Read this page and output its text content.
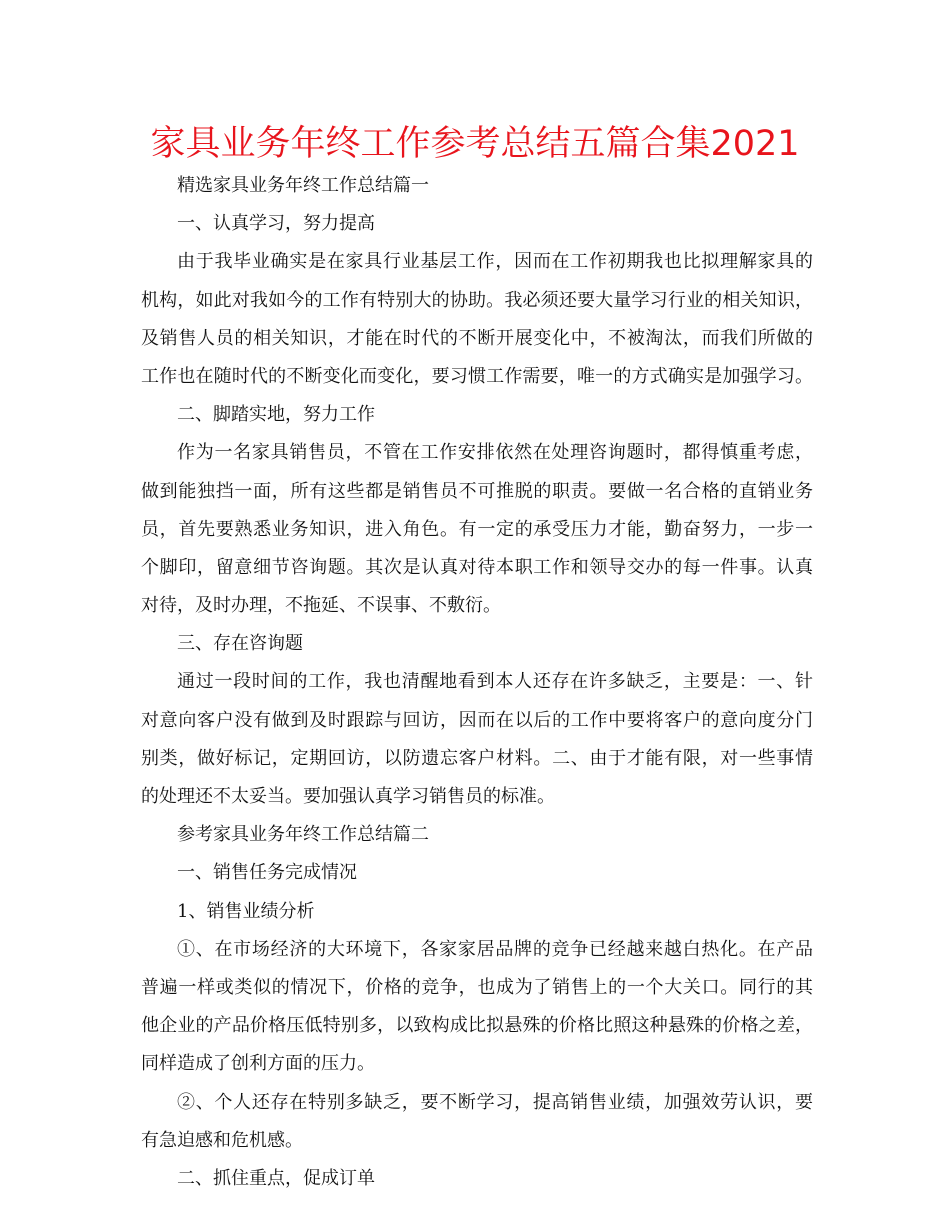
家具业务年终工作参考总结五篇合集2021
精选家具业务年终工作总结篇一
一、认真学习，努力提高
由于我毕业确实是在家具行业基层工作，因而在工作初期我也比拟理解家具的
机构，如此对我如今的工作有特别大的协助。我必须还要大量学习行业的相关知识，
及销售人员的相关知识，才能在时代的不断开展变化中，不被淘汰，而我们所做的
工作也在随时代的不断变化而变化，要习惯工作需要，唯一的方式确实是加强学习。
二、脚踏实地，努力工作
作为一名家具销售员，不管在工作安排依然在处理咨询题时，都得慎重考虑，
做到能独挡一面，所有这些都是销售员不可推脱的职责。要做一名合格的直销业务
员，首先要熟悉业务知识，进入角色。有一定的承受压力才能，勤奋努力，一步一
个脚印，留意细节咨询题。其次是认真对待本职工作和领导交办的每一件事。认真
对待，及时办理，不拖延、不误事、不敷衍。
三、存在咨询题
通过一段时间的工作，我也清醒地看到本人还存在许多缺乏，主要是：一、针
对意向客户没有做到及时跟踪与回访，因而在以后的工作中要将客户的意向度分门
别类，做好标记，定期回访，以防遗忘客户材料。二、由于才能有限，对一些事情
的处理还不太妥当。要加强认真学习销售员的标准。
参考家具业务年终工作总结篇二
一、销售任务完成情况
1、销售业绩分析
①、在市场经济的大环境下，各家家居品牌的竞争已经越来越白热化。在产品
普遍一样或类似的情况下，价格的竞争，也成为了销售上的一个大关口。同行的其
他企业的产品价格压低特别多，以致构成比拟悬殊的价格比照这种悬殊的价格之差，
同样造成了创利方面的压力。
②、个人还存在特别多缺乏，要不断学习，提高销售业绩，加强效劳认识，要
有急迫感和危机感。
二、抓住重点，促成订单
